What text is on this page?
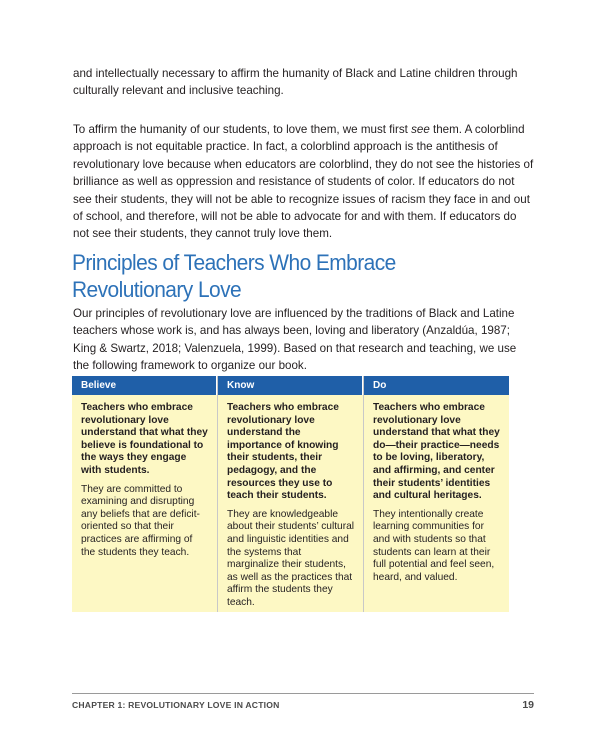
and intellectually necessary to affirm the humanity of Black and Latine children through culturally relevant and inclusive teaching.

To affirm the humanity of our students, to love them, we must first see them. A colorblind approach is not equitable practice. In fact, a colorblind approach is the antithesis of revolutionary love because when educators are colorblind, they do not see the histories of brilliance as well as oppression and resistance of students of color. If educators do not see their students, they will not be able to recognize issues of racism they face in and out of school, and therefore, will not be able to advocate for and with them. If educators do not see their students, they cannot truly love them.

Principles of Teachers Who Embrace Revolutionary Love

Our principles of revolutionary love are influenced by the traditions of Black and Latine teachers whose work is, and has always been, loving and liberatory (Anzaldúa, 1987; King & Swartz, 2018; Valenzuela, 1999). Based on that research and teaching, we use the following framework to organize our book.

Believe

Teachers who embrace revolutionary love understand that what they believe is foundational to the ways they engage with students.

They are committed to examining and disrupting any beliefs that are deficit-oriented so that their practices are affirming of the students they teach.

Know

Teachers who embrace revolutionary love understand the importance of knowing their students, their pedagogy, and the resources they use to teach their students.

They are knowledgeable about their students’ cultural and linguistic identities and the systems that marginalize their students, as well as the practices that affirm the students they teach.

Do

Teachers who embrace revolutionary love understand that what they do—their practice—needs to be loving, liberatory, and affirming, and center their students’ identities and cultural heritages.

They intentionally create learning communities for and with students so that students can learn at their full potential and feel seen, heard, and valued.

CHAPTER 1: REVOLUTIONARY LOVE IN ACTION	19
